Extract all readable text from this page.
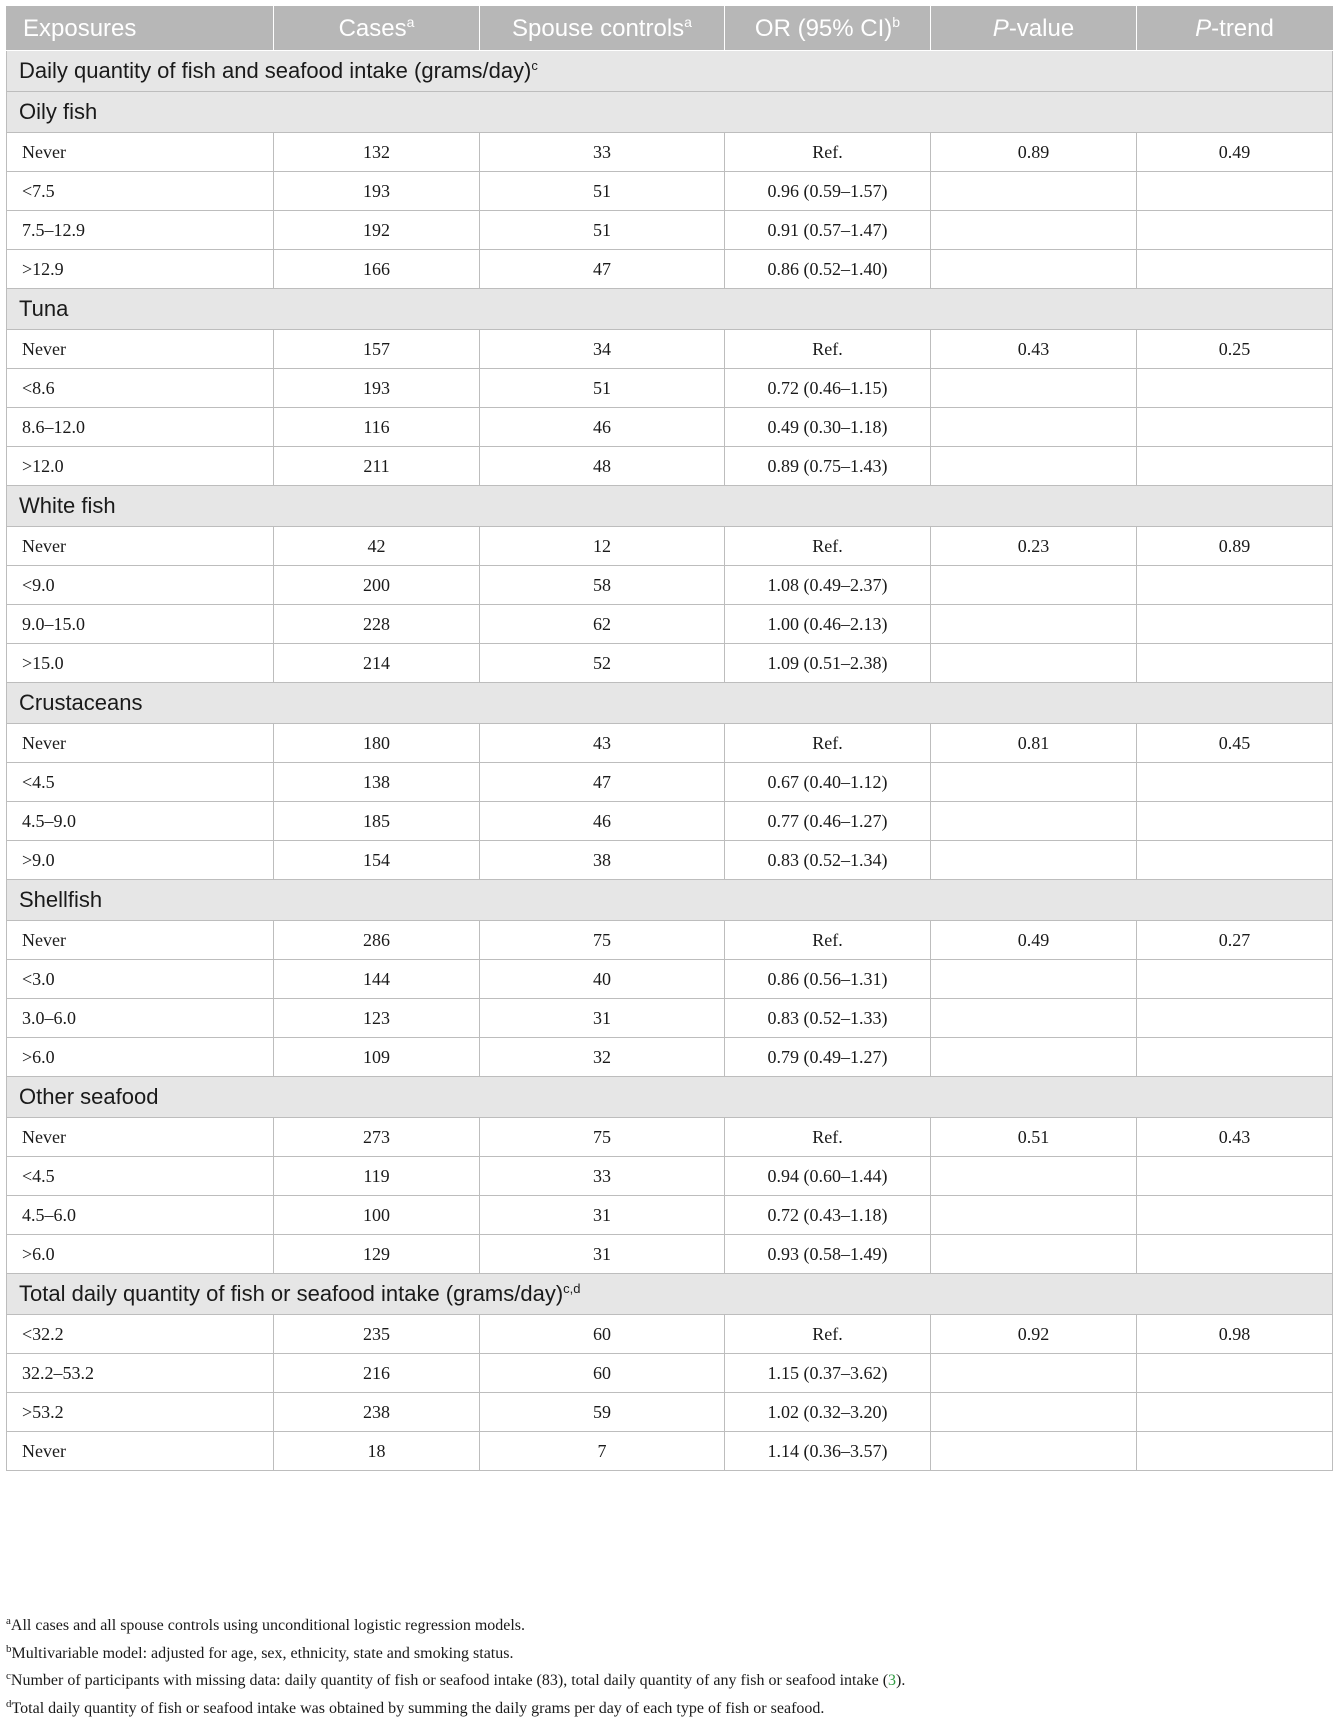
Exposures	Cases$^a$	Spouse controls$^a$	OR (95% CI)$^b$	P-value	P-trend
Daily quantity of fish and seafood intake (grams/day)$^c$
Oily fish					
Never	132	33	Ref.	0.89	0.49
<7.5	193	51	0.96 (0.59–1.57)		
7.5–12.9	192	51	0.91 (0.57–1.47)		
>12.9	166	47	0.86 (0.52–1.40)		
Tuna					
Never	157	34	Ref.	0.43	0.25
<8.6	193	51	0.72 (0.46–1.15)		
8.6–12.0	116	46	0.49 (0.30–1.18)		
>12.0	211	48	0.89 (0.75–1.43)		
White fish					
Never	42	12	Ref.	0.23	0.89
<9.0	200	58	1.08 (0.49–2.37)		
9.0–15.0	228	62	1.00 (0.46–2.13)		
>15.0	214	52	1.09 (0.51–2.38)		
Crustaceans					
Never	180	43	Ref.	0.81	0.45
<4.5	138	47	0.67 (0.40–1.12)		
4.5–9.0	185	46	0.77 (0.46–1.27)		
>9.0	154	38	0.83 (0.52–1.34)		
Shellfish					
Never	286	75	Ref.	0.49	0.27
<3.0	144	40	0.86 (0.56–1.31)		
3.0–6.0	123	31	0.83 (0.52–1.33)		
>6.0	109	32	0.79 (0.49–1.27)		
Other seafood					
Never	273	75	Ref.	0.51	0.43
<4.5	119	33	0.94 (0.60–1.44)		
4.5–6.0	100	31	0.72 (0.43–1.18)		
>6.0	129	31	0.93 (0.58–1.49)		
Total daily quantity of fish or seafood intake (grams/day)$^{c,d}$
<32.2	235	60	Ref.	0.92	0.98
32.2–53.2	216	60	1.15 (0.37–3.62)		
>53.2	238	59	1.02 (0.32–3.20)		
Never	18	7	1.14 (0.36–3.57)		

$^a$All cases and all spouse controls using unconditional logistic regression models.

$^b$Multivariable model: adjusted for age, sex, ethnicity, state and smoking status.

$^c$Number of participants with missing data: daily quantity of fish or seafood intake (83), total daily quantity of any fish or seafood intake (3).

$^d$Total daily quantity of fish or seafood intake was obtained by summing the daily grams per day of each type of fish or seafood.
